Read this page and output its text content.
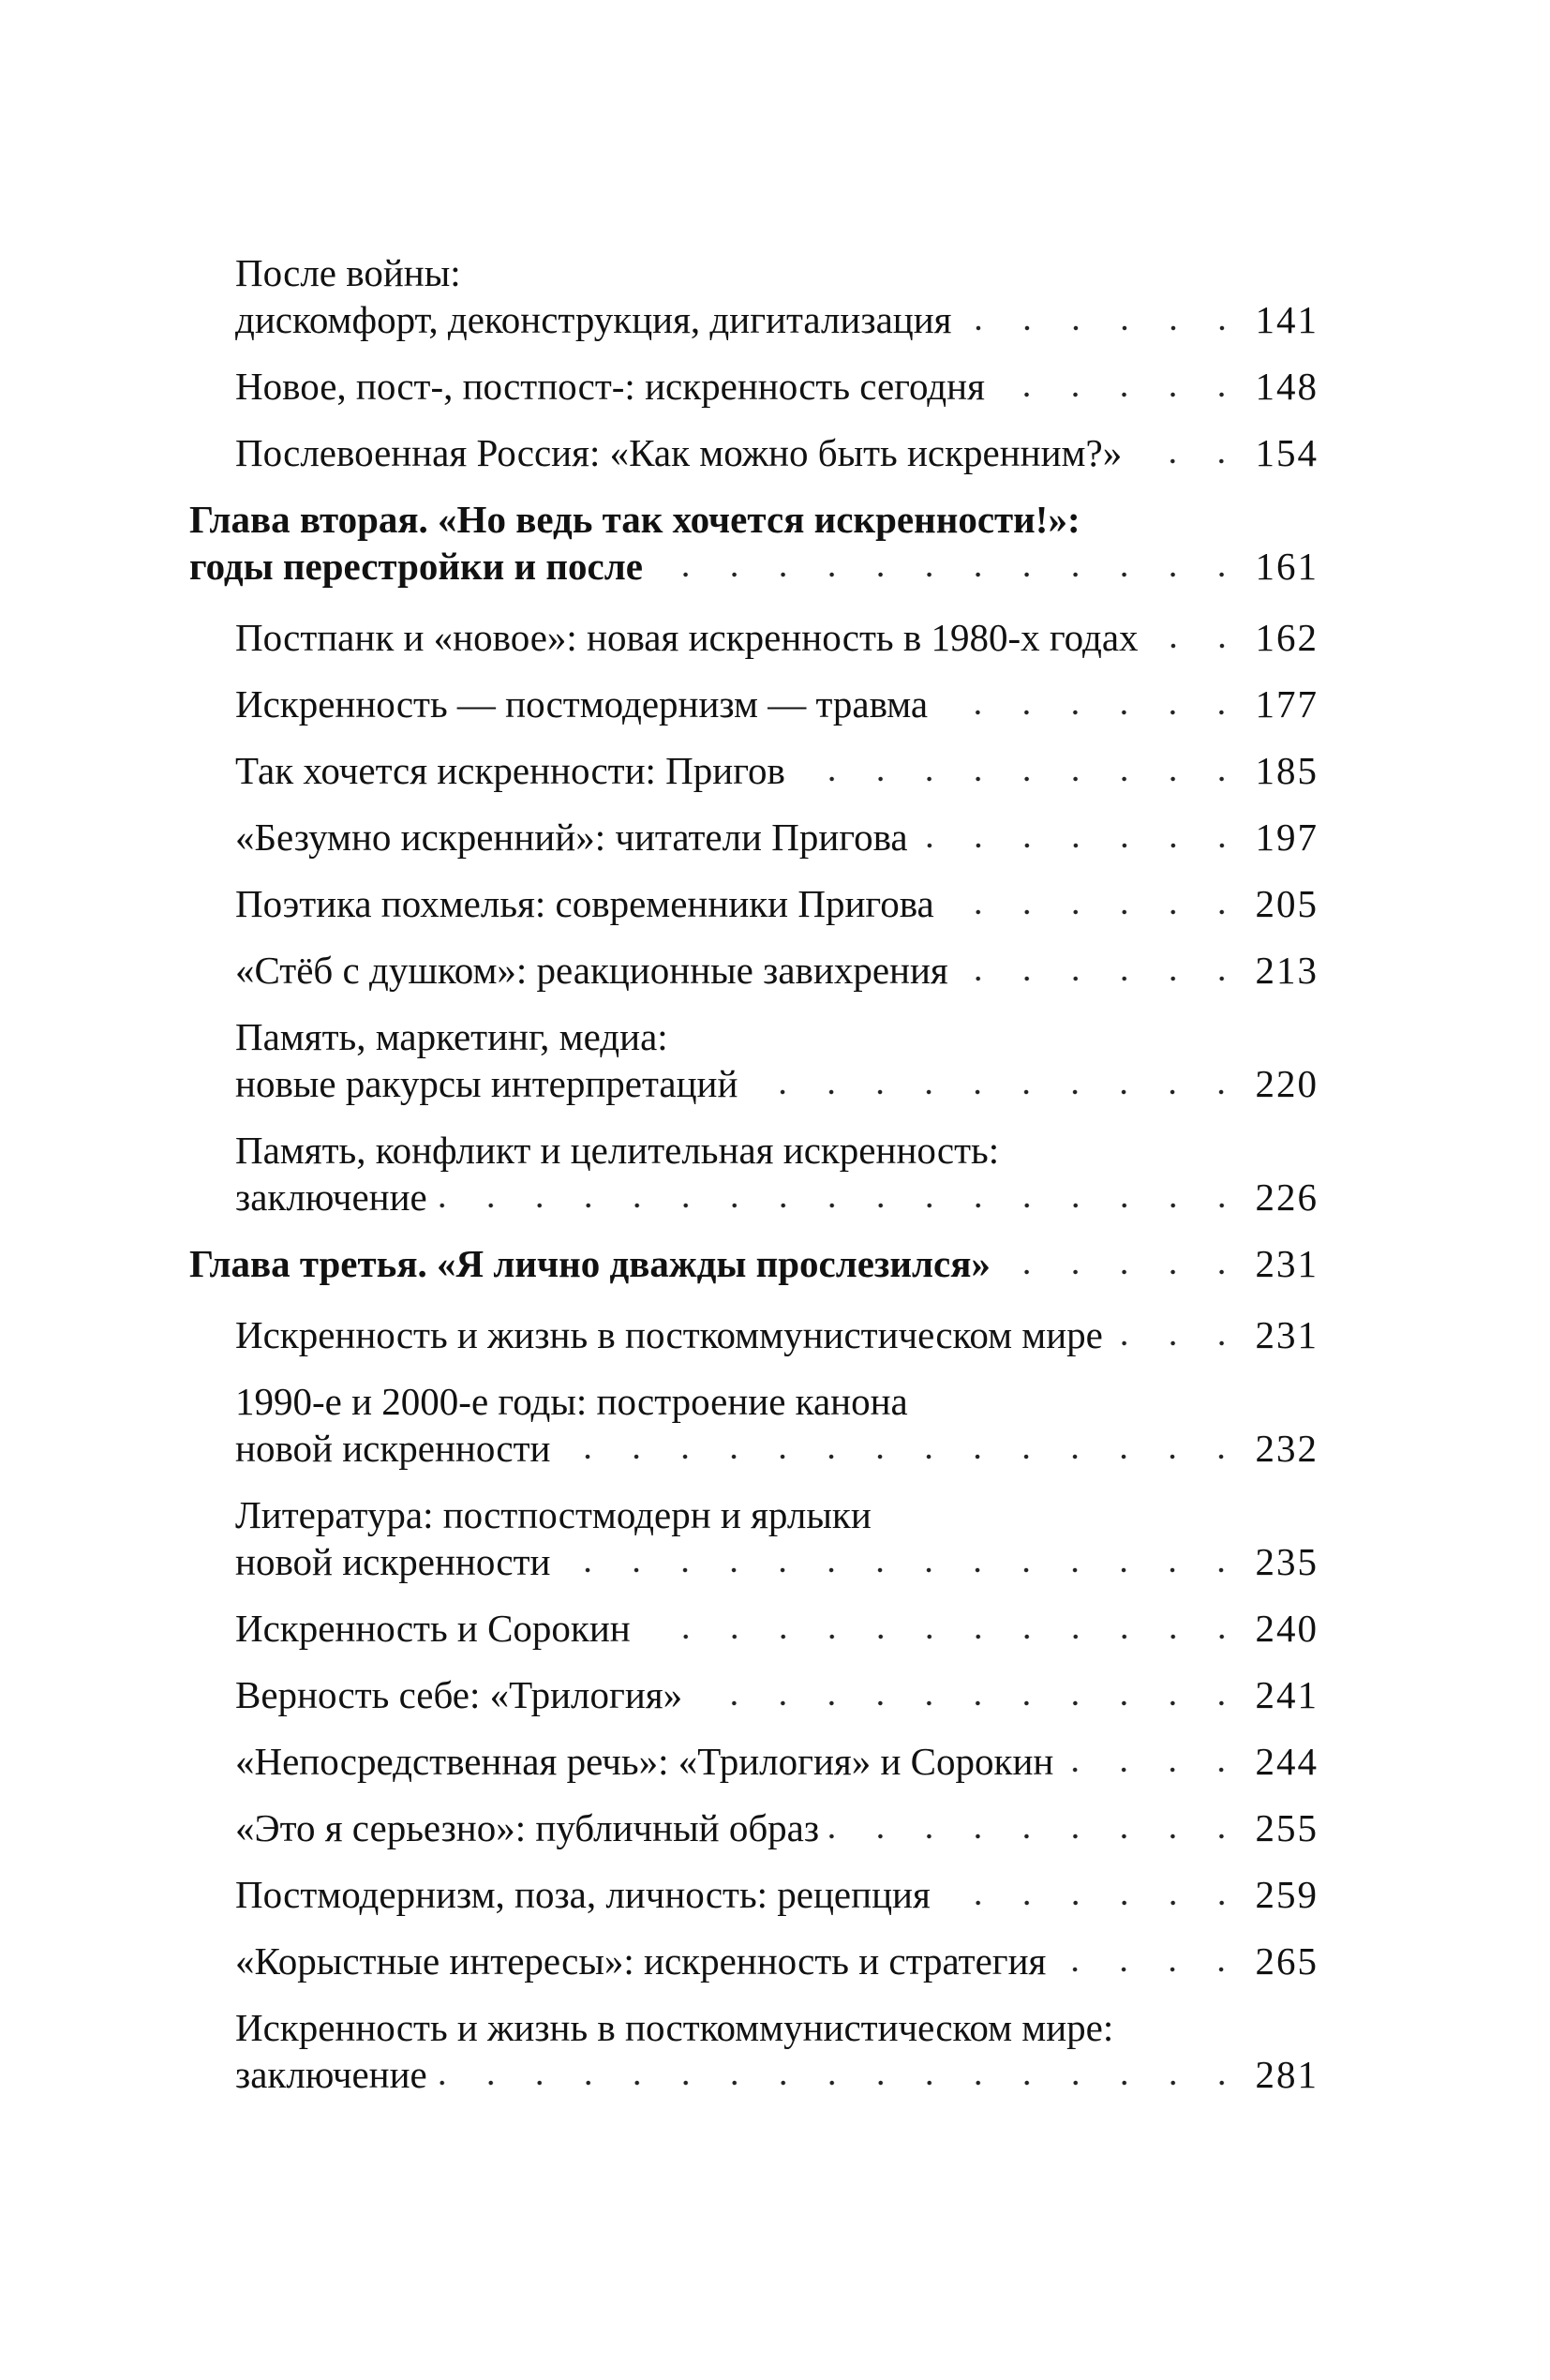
После войны:
дискомфорт, деконструкция, дигитализация	141
Новое, пост-, постпост-: искренность сегодня	148
Послевоенная Россия: «Как можно быть искренним?»	154
Глава вторая. «Но ведь так хочется искренности!»:
годы перестройки и после	161
Постпанк и «новое»: новая искренность в 1980-х годах	162
Искренность — постмодернизм — травма	177
Так хочется искренности: Пригов	185
«Безумно искренний»: читатели Пригова	197
Поэтика похмелья: современники Пригова	205
«Стёб с душком»: реакционные завихрения	213
Память, маркетинг, медиа:
новые ракурсы интерпретаций	220
Память, конфликт и целительная искренность:
заключение	226
Глава третья. «Я лично дважды прослезился»	231
Искренность и жизнь в посткоммунистическом мире	231
1990-е и 2000-е годы: построение канона
новой искренности	232
Литература: постпостмодерн и ярлыки
новой искренности	235
Искренность и Сорокин	240
Верность себе: «Трилогия»	241
«Непосредственная речь»: «Трилогия» и Сорокин	244
«Это я серьезно»: публичный образ	255
Постмодернизм, поза, личность: рецепция	259
«Корыстные интересы»: искренность и стратегия	265
Искренность и жизнь в посткоммунистическом мире:
заключение	281
